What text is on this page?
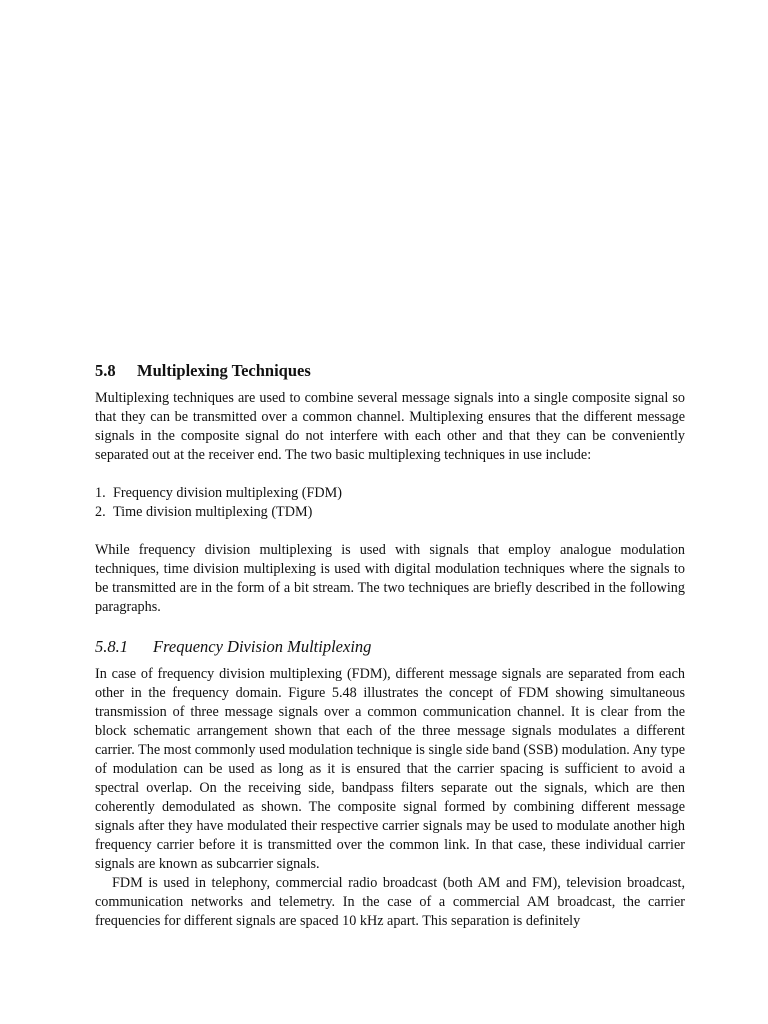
5.8 Multiplexing Techniques

Multiplexing techniques are used to combine several message signals into a single composite signal so that they can be transmitted over a common channel. Multiplexing ensures that the different message signals in the composite signal do not interfere with each other and that they can be conveniently separated out at the receiver end. The two basic multiplexing techniques in use include:

1. Frequency division multiplexing (FDM)
2. Time division multiplexing (TDM)

While frequency division multiplexing is used with signals that employ analogue modulation techniques, time division multiplexing is used with digital modulation techniques where the signals to be transmitted are in the form of a bit stream. The two techniques are briefly described in the following paragraphs.

5.8.1 Frequency Division Multiplexing

In case of frequency division multiplexing (FDM), different message signals are separated from each other in the frequency domain. Figure 5.48 illustrates the concept of FDM showing simultaneous transmission of three message signals over a common communication channel. It is clear from the block schematic arrangement shown that each of the three message signals modulates a different carrier. The most commonly used modulation technique is single side band (SSB) modulation. Any type of modulation can be used as long as it is ensured that the carrier spacing is sufficient to avoid a spectral overlap. On the receiving side, bandpass filters separate out the signals, which are then coherently demodulated as shown. The composite signal formed by combining different message signals after they have modulated their respective carrier signals may be used to modulate another high frequency carrier before it is transmitted over the common link. In that case, these individual carrier signals are known as subcarrier signals.

FDM is used in telephony, commercial radio broadcast (both AM and FM), television broadcast, communication networks and telemetry. In the case of a commercial AM broadcast, the carrier frequencies for different signals are spaced 10 kHz apart. This separation is definitely
